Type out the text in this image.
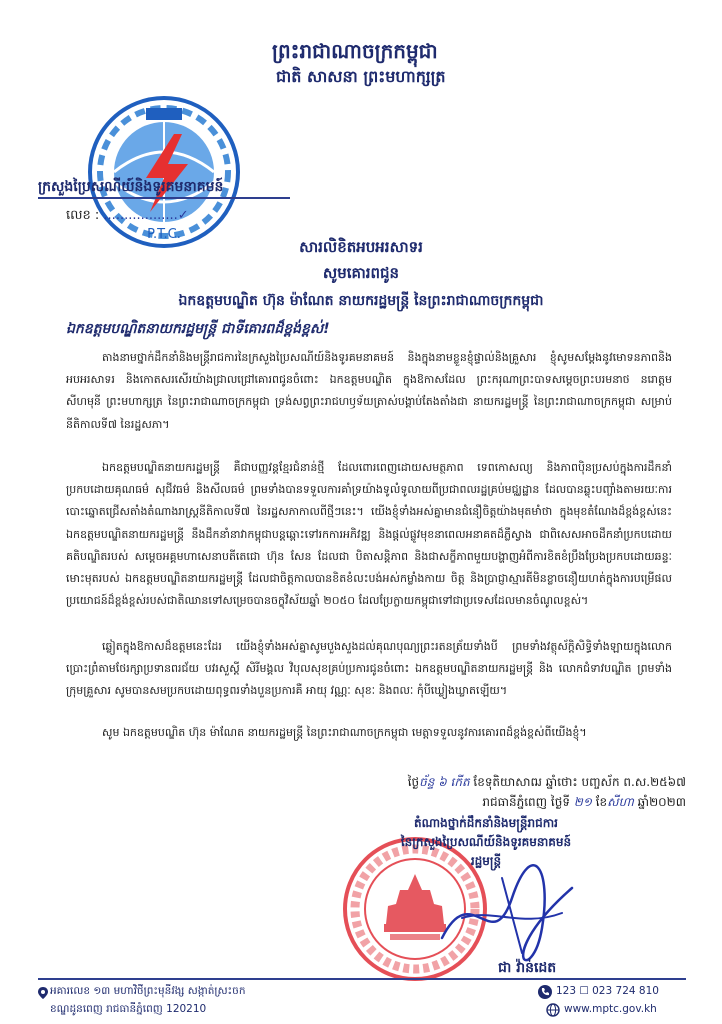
ព្រះរាជាណាចក្រកម្ពុជា
ជាតិ សាសនា ព្រះមហាក្សត្រ
P.T.C.
ក្រសួងប្រៃសណីយ៍និងទូរគមនាគមន៍
លេខ : ..................✓
សារលិខិតអបអរសាទរ
សូមគោរពជូន
ឯកឧត្តមបណ្ឌិត ហ៊ុន ម៉ាណែត នាយករដ្ឋមន្ត្រី នៃព្រះរាជាណាចក្រកម្ពុជា
ឯកឧត្តមបណ្ឌិតនាយករដ្ឋមន្ត្រី ជាទីគោរពដ៏ខ្ពង់ខ្ពស់!
តាងនាមថ្នាក់ដឹកនាំនិងមន្ត្រីរាជការនៃក្រសួងប្រៃសណីយ៍និងទូរគមនាគមន៍ និងក្នុងនាមខ្លួនខ្ញុំផ្ទាល់និងគ្រួសារ ខ្ញុំសូមសម្តែងនូវមោទនភាពនិងអបអរសាទរ និងកោតសរសើរយ៉ាងជ្រាលជ្រៅគោរពជូនចំពោះ ឯកឧត្តមបណ្ឌិត ក្នុងឱកាសដែល ព្រះករុណាព្រះបាទសម្តេចព្រះបរមនាថ នរោត្តម សីហមុនី ព្រះមហាក្សត្រ នៃព្រះរាជាណាចក្រកម្ពុជា ទ្រង់សព្វព្រះរាជហឫទ័យត្រាស់បង្គាប់តែងតាំងជា នាយករដ្ឋមន្ត្រី នៃព្រះរាជាណាចក្រកម្ពុជា សម្រាប់នីតិកាលទី៧ នៃរដ្ឋសភា។
ឯកឧត្តមបណ្ឌិតនាយករដ្ឋមន្ត្រី គឺជាបញ្ញវន្តខ្មែរជំនាន់ថ្មី ដែលពោរពេញដោយសមត្ថភាព ទេពកោសល្យ និងភាពប៉ិនប្រសប់ក្នុងការដឹកនាំប្រកបដោយគុណធម៌ សុជីវធម៌ និងសីលធម៌ ព្រមទាំងបានទទួលការគាំទ្រយ៉ាងទូលំទូលាយពីប្រជាពលរដ្ឋគ្រប់មជ្ឈដ្ឋាន ដែលបានឆ្លុះបញ្ចាំងតាមរយៈការបោះឆ្នោតជ្រើសតាំងតំណាងរាស្ត្រនីតិកាលទី៧ នៃរដ្ឋសភាកាលពីថ្មីៗនេះ។ យើងខ្ញុំទាំងអស់គ្នាមានជំនឿចិត្តយ៉ាងមុតមាំថា ក្នុងមុខតំណែងដ៏ខ្ពង់ខ្ពស់នេះ ឯកឧត្តមបណ្ឌិតនាយករដ្ឋមន្ត្រី នឹងដឹកនាំនាវាកម្ពុជាបន្តឆ្ពោះទៅរកការអភិវឌ្ឍ និងផ្តល់ផ្លូវមុខនាពេលអនាគតដ៏ភ្លឺស្វាង ជាពិសេសអាចដឹកនាំប្រកបដោយគតិបណ្ឌិតរបស់ សម្តេចអគ្គមហាសេនាបតីតេជោ ហ៊ុន សែន ដែលជា បិតាសន្តិភាព និងជាសក្ខីភាពមួយបង្ហាញអំពីការខិតខំប្រឹងប្រែងប្រកបដោយឆន្ទៈមោះមុតរបស់ ឯកឧត្តមបណ្ឌិតនាយករដ្ឋមន្ត្រី ដែលជាចិត្តកាលបានខិតខំលះបង់អស់កម្លាំងកាយ ចិត្ត និងប្រាជ្ញាស្មារតីមិនខ្លាចនឿយហត់ក្នុងការបម្រើផលប្រយោជន៍ដ៏ខ្ពង់ខ្ពស់របស់ជាតិឈានទៅសម្រេចបានចក្ខុវិស័យឆ្នាំ ២០៥០ ដែលប្រែក្លាយកម្ពុជាទៅជាប្រទេសដែលមានចំណូលខ្ពស់។
ឆ្លៀតក្នុងឱកាសដ៏ឧត្តមនេះដែរ យើងខ្ញុំទាំងអស់គ្នាសូមបួងសួងដល់គុណបុណ្យព្រះរតនត្រ័យទាំងបី ព្រមទាំងវត្ថុស័ក្តិសិទ្ធិទាំងឡាយក្នុងលោក ប្រោះព្រំតាមថែរក្សាប្រទានពរជ័យ បវរសួស្តី សិរីមង្គល វិបុលសុខគ្រប់ប្រការជូនចំពោះ ឯកឧត្តមបណ្ឌិតនាយករដ្ឋមន្ត្រី និង លោកជំទាវបណ្ឌិត ព្រមទាំងក្រុមគ្រួសារ សូមបានសមប្រកបដោយពុទ្ធពរទាំងបួនប្រការគឺ អាយុ វណ្ណៈ សុខៈ និងពលៈ កុំបីឃ្លៀងឃ្លាតឡើយ។
សូម ឯកឧត្តមបណ្ឌិត ហ៊ុន ម៉ាណែត នាយករដ្ឋមន្ត្រី នៃព្រះរាជាណាចក្រកម្ពុជា មេត្តាទទួលនូវការគោរពដ៏ខ្ពង់ខ្ពស់ពីយើងខ្ញុំ។
ថ្ងៃច័ន្ទ ៦ កើត ខែទុតិយាសាឍ ឆ្នាំថោះ បញ្ចស័ក ព.ស.២៥៦៧
រាជធានីភ្នំពេញ ថ្ងៃទី ២១ ខែសីហា ឆ្នាំ២០២៣
តំណាងថ្នាក់ដឹកនាំនិងមន្ត្រីរាជការ
នៃក្រសួងប្រៃសណីយ៍និងទូរគមនាគមន៍
រដ្ឋមន្ត្រី
ជា វ៉ាន់ដេត
អគារលេខ ១៣ មហាវិថីព្រះមុនីវង្ស សង្កាត់ស្រះចក
ខណ្ឌដូនពេញ រាជធានីភ្នំពេញ 120210
123 ☐ 023 724 810
www.mptc.gov.kh
